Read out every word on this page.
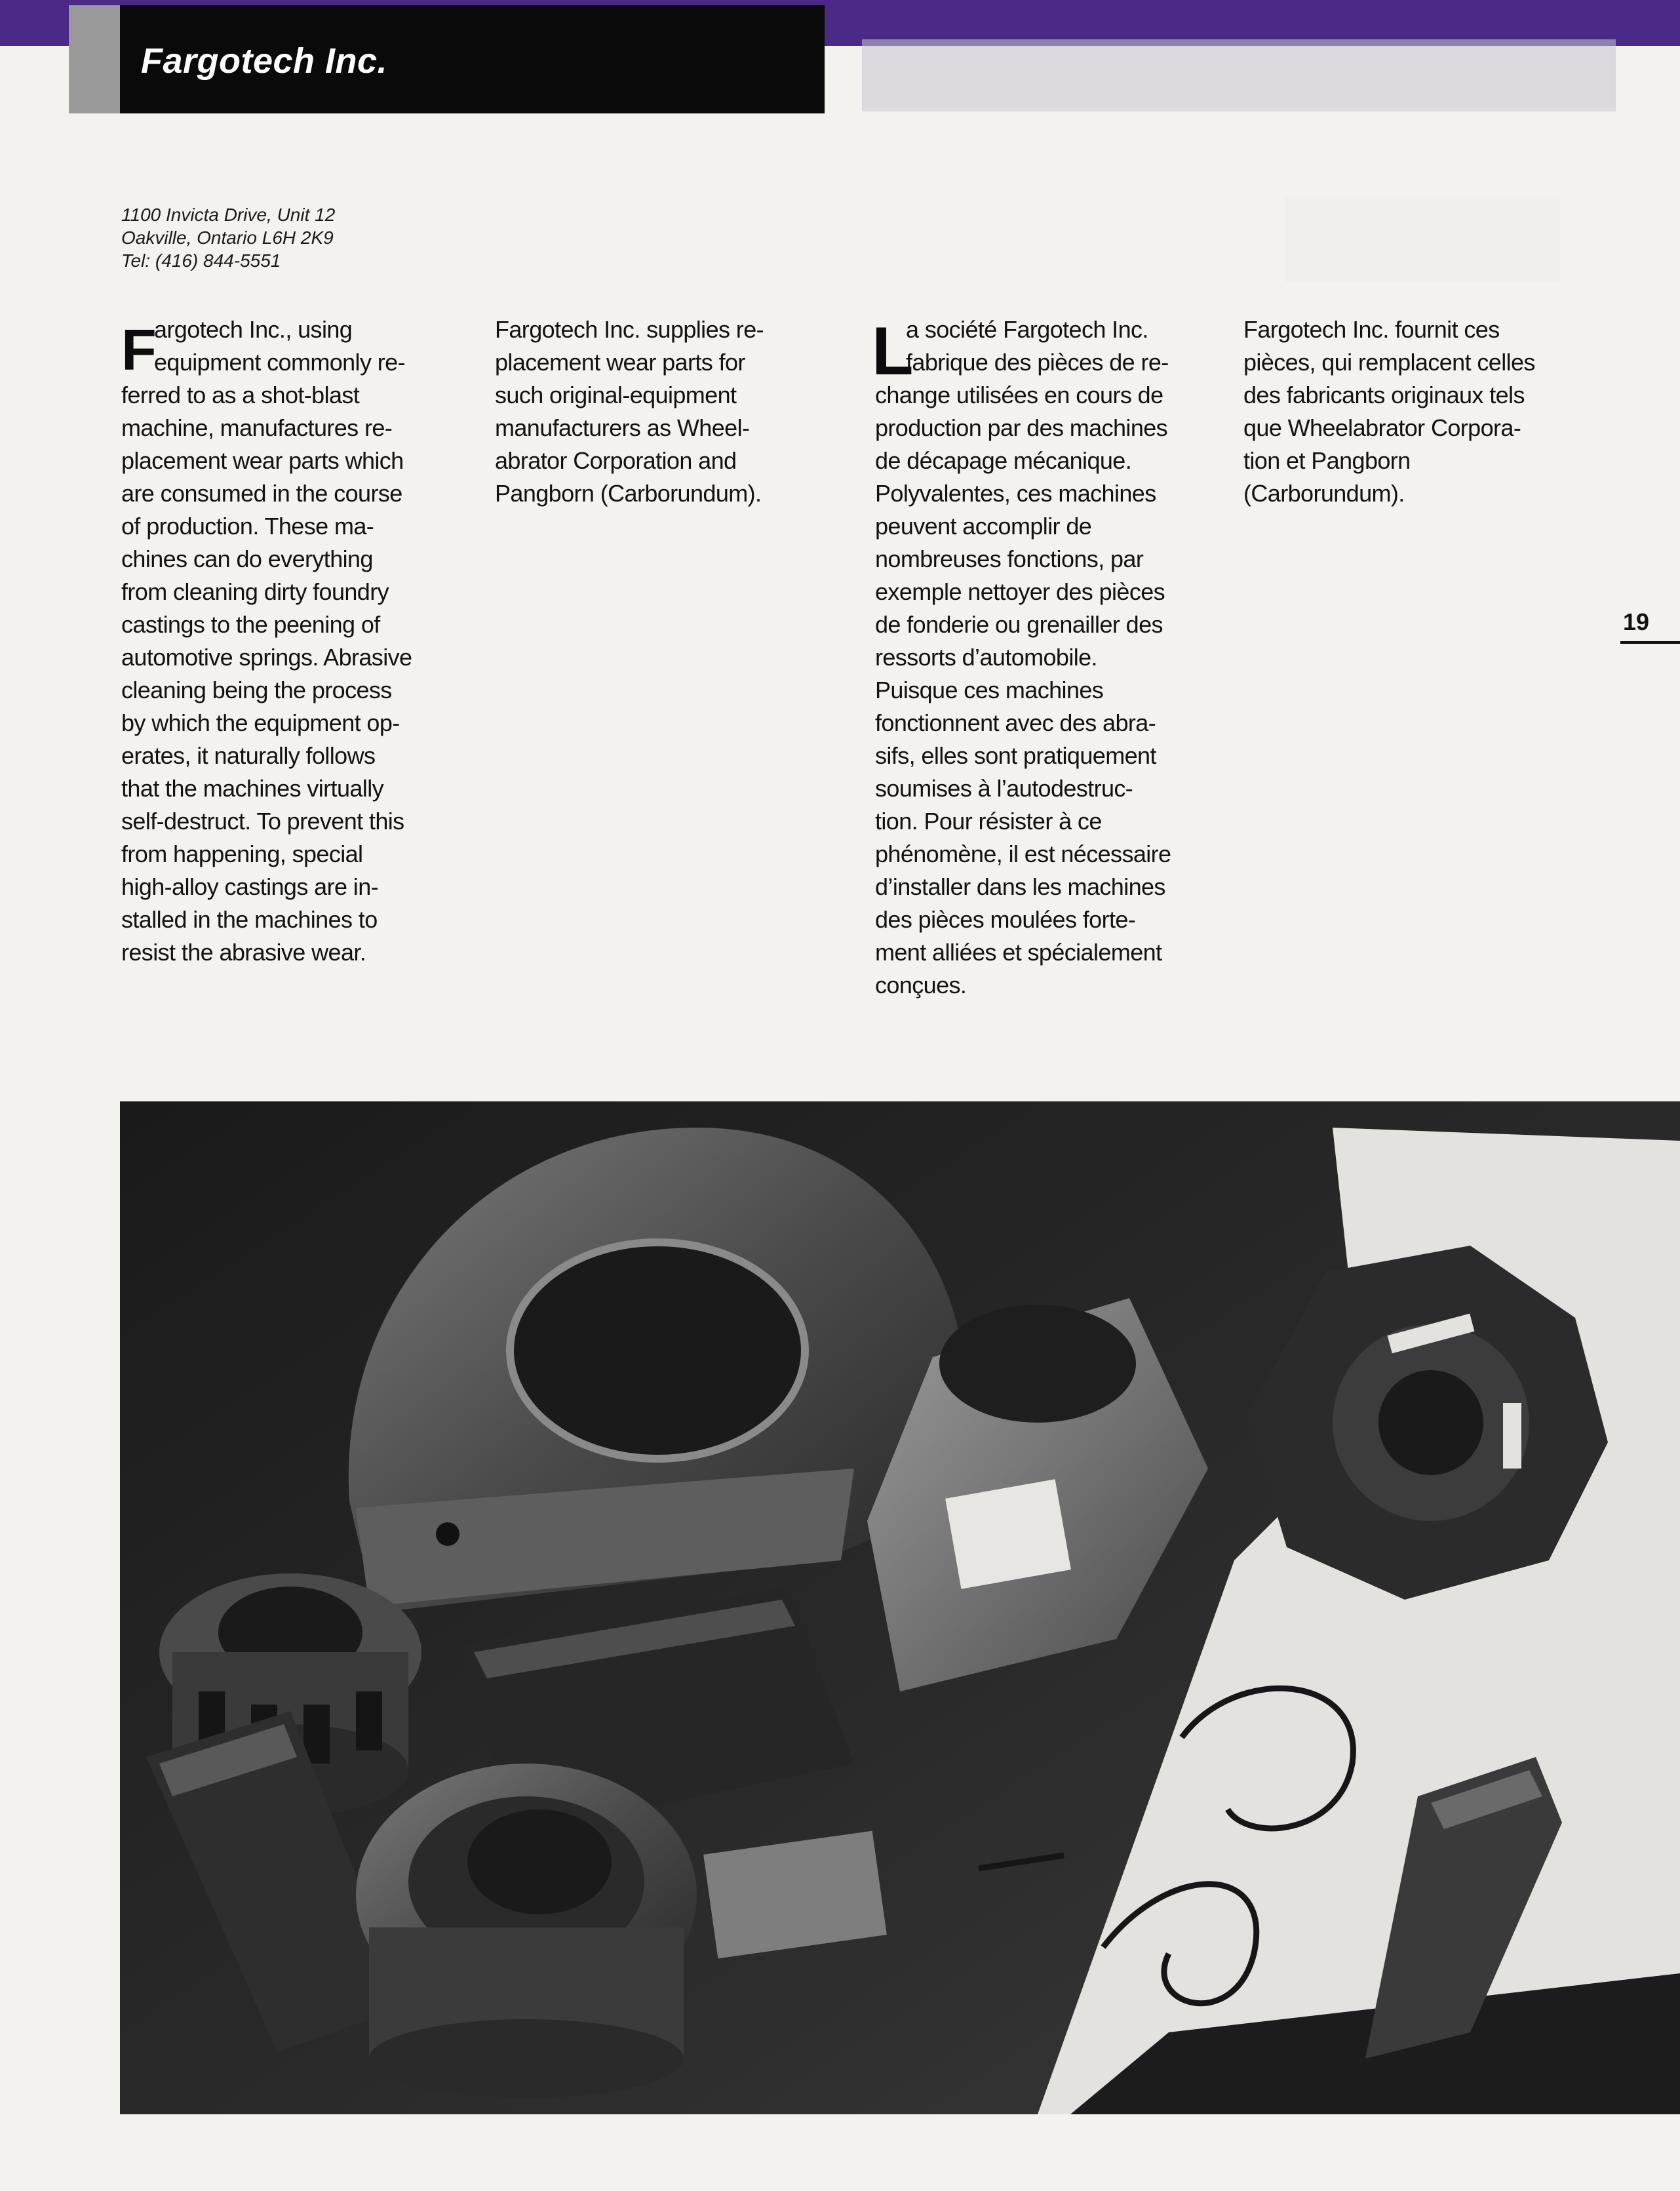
Fargotech Inc.
1100 Invicta Drive, Unit 12
Oakville, Ontario L6H 2K9
Tel: (416) 844-5551
F
argotech Inc., using
equipment commonly re-
ferred to as a shot-blast
machine, manufactures re-
placement wear parts which
are consumed in the course
of production. These ma-
chines can do everything
from cleaning dirty foundry
castings to the peening of
automotive springs. Abrasive
cleaning being the process
by which the equipment op-
erates, it naturally follows
that the machines virtually
self-destruct. To prevent this
from happening, special
high-alloy castings are in-
stalled in the machines to
resist the abrasive wear.
Fargotech Inc. supplies re-
placement wear parts for
such original-equipment
manufacturers as Wheel-
abrator Corporation and
Pangborn (Carborundum).
L
a société Fargotech Inc.
fabrique des pièces de re-
change utilisées en cours de
production par des machines
de décapage mécanique.
Polyvalentes, ces machines
peuvent accomplir de
nombreuses fonctions, par
exemple nettoyer des pièces
de fonderie ou grenailler des
ressorts d’automobile.
Puisque ces machines
fonctionnent avec des abra-
sifs, elles sont pratiquement
soumises à l’autodestruc-
tion. Pour résister à ce
phénomène, il est nécessaire
d’installer dans les machines
des pièces moulées forte-
ment alliées et spécialement
conçues.
Fargotech Inc. fournit ces
pièces, qui remplacent celles
des fabricants originaux tels
que Wheelabrator Corpora-
tion et Pangborn
(Carborundum).
19
